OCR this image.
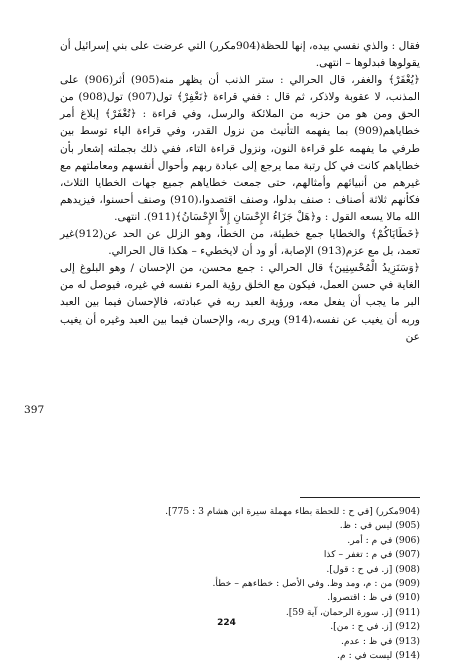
فقال : والذي نفسي بيده، إنها للحظة(904مكرر) التي عرضت على بني إسرائيل أن يقولوها فبدلوها – انتهى.

﴿يُغْفَرْ﴾ والغفر، قال الحرالي : ستر الذنب أن يظهر منه(905) أثر(906) على المذنب، لا عقوبة ولاذكر، ثم قال : ففي قراءة ﴿نَغْفِرْ﴾ تول(907) تول(908) من الحق ومن هو من حزبه من الملائكة والرسل، وفي قراءة : ﴿تُغْفَرْ﴾ إبلاغ أمر خطاياهم(909) بما يفهمه التأنيث من نزول القدر، وفي قراءة الياء توسط بين طرفي ما يفهمه علو قراءة النون، ونزول قراءة التاء، ففي ذلك بجملته إشعار بأن خطاياهم كانت في كل رتبة مما يرجع إلى عبادة ربهم وأحوال أنفسهم ومعاملتهم مع غيرهم من أنبيائهم وأمثالهم، حتى جمعت خطاياهم جميع جهات الخطايا الثلاث، فكأنهم ثلاثة أصناف : صنف بدلوا، وصنف اقتصدوا،(910) وصنف أحسنوا، فيزيدهم الله مالا يسعه القول : و﴿هَلْ جَزَاءُ الإِحْسَانِ إِلاَّ الإِحْسَانُ﴾(911). انتهى.

﴿خَطَايَاكُمْ﴾ والخطايا جمع خطيئة، من الخطأ، وهو الزلل عن الحد عن(912)غير تعمد، بل مع عزم(913) الإصابة، أو ود أن لايخطيء – هكذا قال الحرالي.

﴿وَسَنَزِيدُ الْمُحْسِنِينَ﴾ قال الحرالي : جمع محسن، من الإحسان / وهو البلوغ إلى الغاية في حسن العمل، فيكون مع الخلق رؤية المرء نفسه في غيره، فيوصل له من البر ما يجب أن يفعل معه، ورؤية العبد ربه في عبادته، فالإحسان فيما بين العبد وربه أن يغيب عن نفسه،(914) ويرى ربه، والإحسان فيما بين العبد وغيره أن يغيب عن

397

(904مكرر) [في ح : للحطة بطاء مهملة سيرة ابن هشام 3 : 775].

(905) ليس في : ظ.

(906) في م : أمر.

(907) في م : تغفر – كذا

(908) [ز. في ح : قول].

(909) من : م، ومد وظ. وفي الأصل : خطاءهم – خطأ.

(910) في ظ : اقتصروا.

(911) [ز. سورة الرحمان، آية 59].

(912) [ز. في ح : من].

(913) في ظ : عدم.

(914) ليست في : م.

224
